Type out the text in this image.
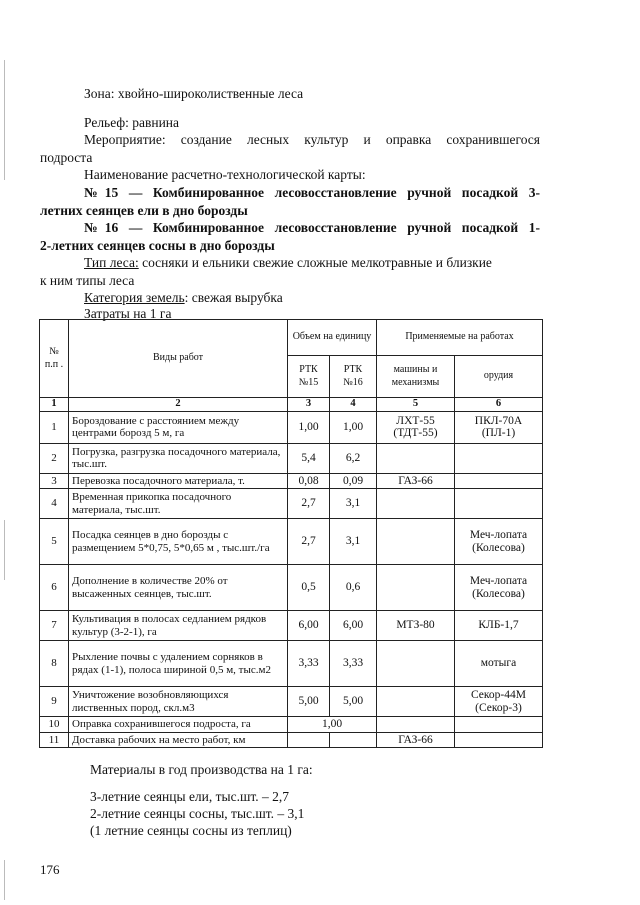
Зона: хвойно-широколиственные леса
Рельеф: равнина
Мероприятие: создание лесных культур и оправка сохранившегося
подроста
Наименование расчетно-технологической карты:
№15 — Комбинированное лесовосстановление ручной посадкой 3-
летних сеянцев ели в дно борозды
№16 — Комбинированное лесовосстановление ручной посадкой 1-
2-летних сеянцев сосны в дно борозды
Тип леса: сосняки и ельники свежие сложные мелкотравные и близкие
к ним типы леса
Категория земель: свежая вырубка
Затраты на 1 га
№ п.п .	Виды работ	Объем на единицу		Применяемые на работах	
		РТК №15	РТК №16	машины и механизмы	орудия
1	2	3	4	5	6
1	Бороздование с расстоянием между центрами борозд 5 м, га	1,00	1,00	ЛХТ-55 (ТДТ-55)	ПКЛ-70А (ПЛ-1)
2	Погрузка, разгрузка посадочного материала, тыс.шт.	5,4	6,2		
3	Перевозка посадочного материала, т.	0,08	0,09	ГАЗ-66	
4	Временная прикопка посадочного материала, тыс.шт.	2,7	3,1		
5	Посадка сеянцев в дно борозды с размещением 5*0,75, 5*0,65 м , тыс.шт./га	2,7	3,1		Меч-лопата (Колесова)
6	Дополнение в количестве 20% от высаженных сеянцев, тыс.шт.	0,5	0,6		Меч-лопата (Колесова)
7	Культивация в полосах седланием рядков культур (3-2-1), га	6,00	6,00	МТЗ-80	КЛБ-1,7
8	Рыхление почвы с удалением сорняков в рядах (1-1), полоса шириной 0,5 м, тыс.м2	3,33	3,33		мотыга
9	Уничтожение возобновляющихся лиственных пород, скл.м3	5,00	5,00		Секор-44М (Секор-3)
10	Оправка сохранившегося подроста, га	1,00			
11	Доставка рабочих на место работ, км			ГАЗ-66	
Материалы в год производства на 1 га:
3-летние сеянцы ели, тыс.шт. – 2,7
2-летние сеянцы сосны, тыс.шт. – 3,1
(1 летние сеянцы сосны из теплиц)
176
